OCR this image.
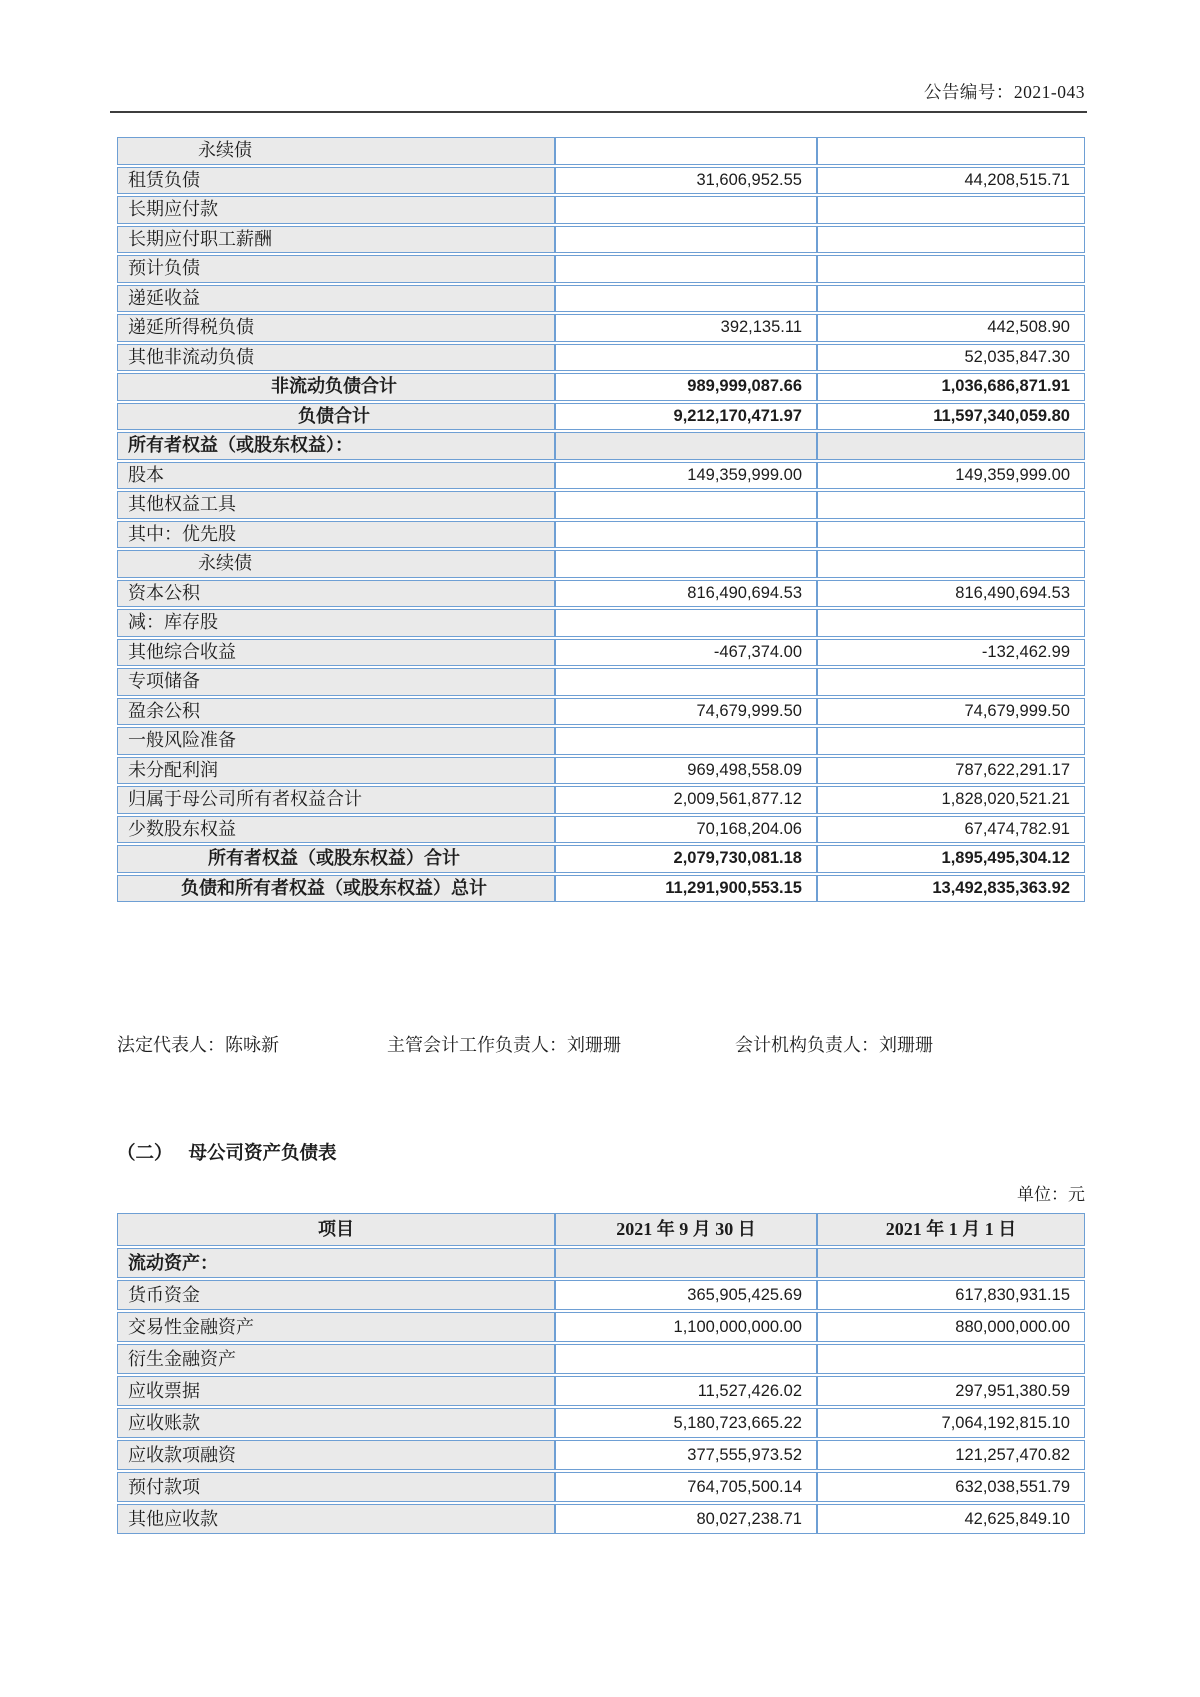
公告编号：2021-043
永续债		
租赁负债	31,606,952.55	44,208,515.71
长期应付款		
长期应付职工薪酬		
预计负债		
递延收益		
递延所得税负债	392,135.11	442,508.90
其他非流动负债		52,035,847.30
非流动负债合计	989,999,087.66	1,036,686,871.91
负债合计	9,212,170,471.97	11,597,340,059.80
所有者权益（或股东权益）：		
股本	149,359,999.00	149,359,999.00
其他权益工具		
其中：优先股		
永续债		
资本公积	816,490,694.53	816,490,694.53
减：库存股		
其他综合收益	-467,374.00	-132,462.99
专项储备		
盈余公积	74,679,999.50	74,679,999.50
一般风险准备		
未分配利润	969,498,558.09	787,622,291.17
归属于母公司所有者权益合计	2,009,561,877.12	1,828,020,521.21
少数股东权益	70,168,204.06	67,474,782.91
所有者权益（或股东权益）合计	2,079,730,081.18	1,895,495,304.12
负债和所有者权益（或股东权益）总计	11,291,900,553.15	13,492,835,363.92
法定代表人：陈咏新	主管会计工作负责人：刘珊珊	会计机构负责人：刘珊珊
（二） 母公司资产负债表
单位：元
项目	2021 年 9 月 30 日	2021 年 1 月 1 日
流动资产：		
货币资金	365,905,425.69	617,830,931.15
交易性金融资产	1,100,000,000.00	880,000,000.00
衍生金融资产		
应收票据	11,527,426.02	297,951,380.59
应收账款	5,180,723,665.22	7,064,192,815.10
应收款项融资	377,555,973.52	121,257,470.82
预付款项	764,705,500.14	632,038,551.79
其他应收款	80,027,238.71	42,625,849.10
